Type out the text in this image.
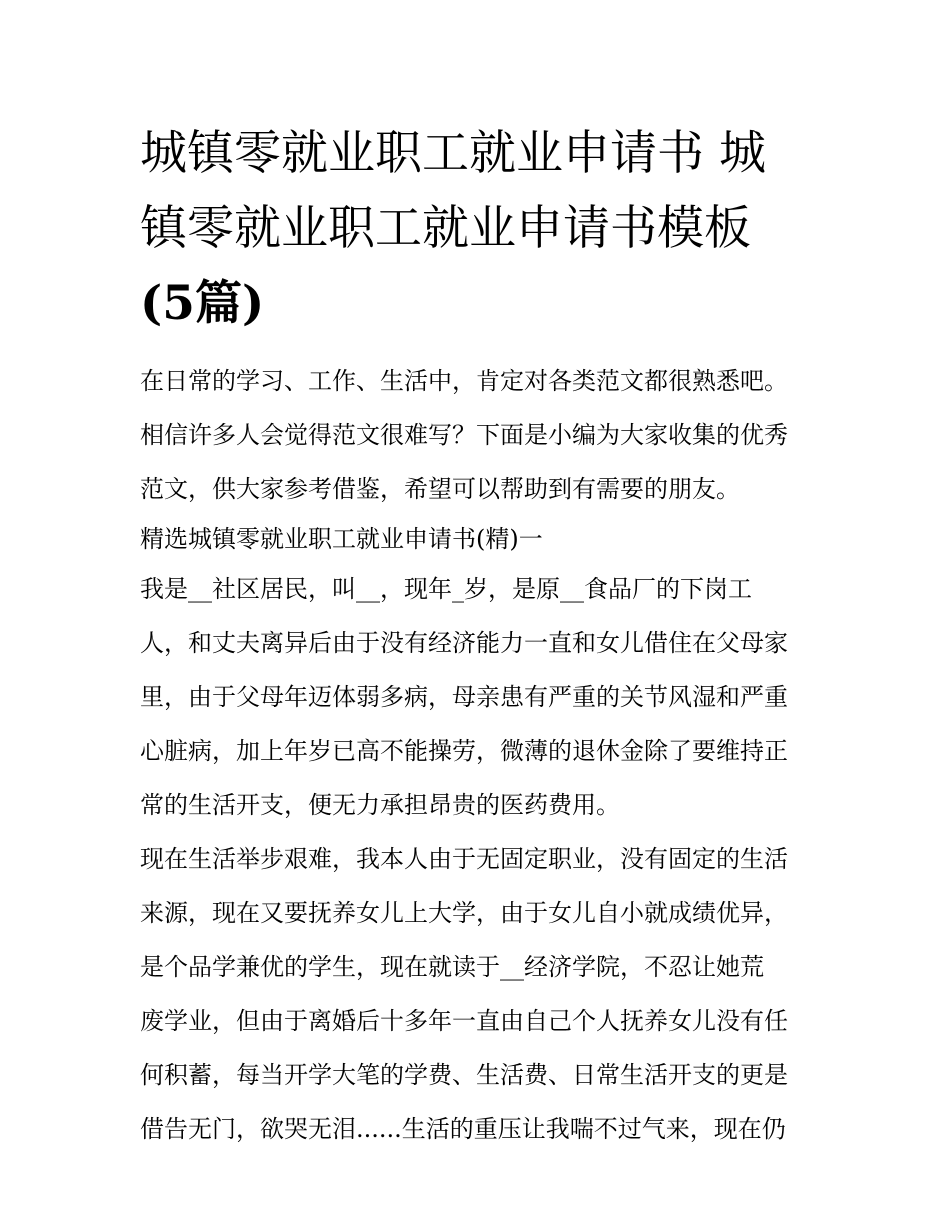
城镇零就业职工就业申请书 城
镇零就业职工就业申请书模板
(5篇)
在日常的学习、工作、生活中，肯定对各类范文都很熟悉吧。
相信许多人会觉得范文很难写？下面是小编为大家收集的优秀
范文，供大家参考借鉴，希望可以帮助到有需要的朋友。
精选城镇零就业职工就业申请书(精)一
我是__社区居民，叫__，现年_岁，是原__食品厂的下岗工
人，和丈夫离异后由于没有经济能力一直和女儿借住在父母家
里，由于父母年迈体弱多病，母亲患有严重的关节风湿和严重
心脏病，加上年岁已高不能操劳，微薄的退休金除了要维持正
常的生活开支，便无力承担昂贵的医药费用。
现在生活举步艰难，我本人由于无固定职业，没有固定的生活
来源，现在又要抚养女儿上大学，由于女儿自小就成绩优异，
是个品学兼优的学生，现在就读于__经济学院，不忍让她荒
废学业，但由于离婚后十多年一直由自己个人抚养女儿没有任
何积蓄，每当开学大笔的学费、生活费、日常生活开支的更是
借告无门，欲哭无泪......生活的重压让我喘不过气来，现在仍
